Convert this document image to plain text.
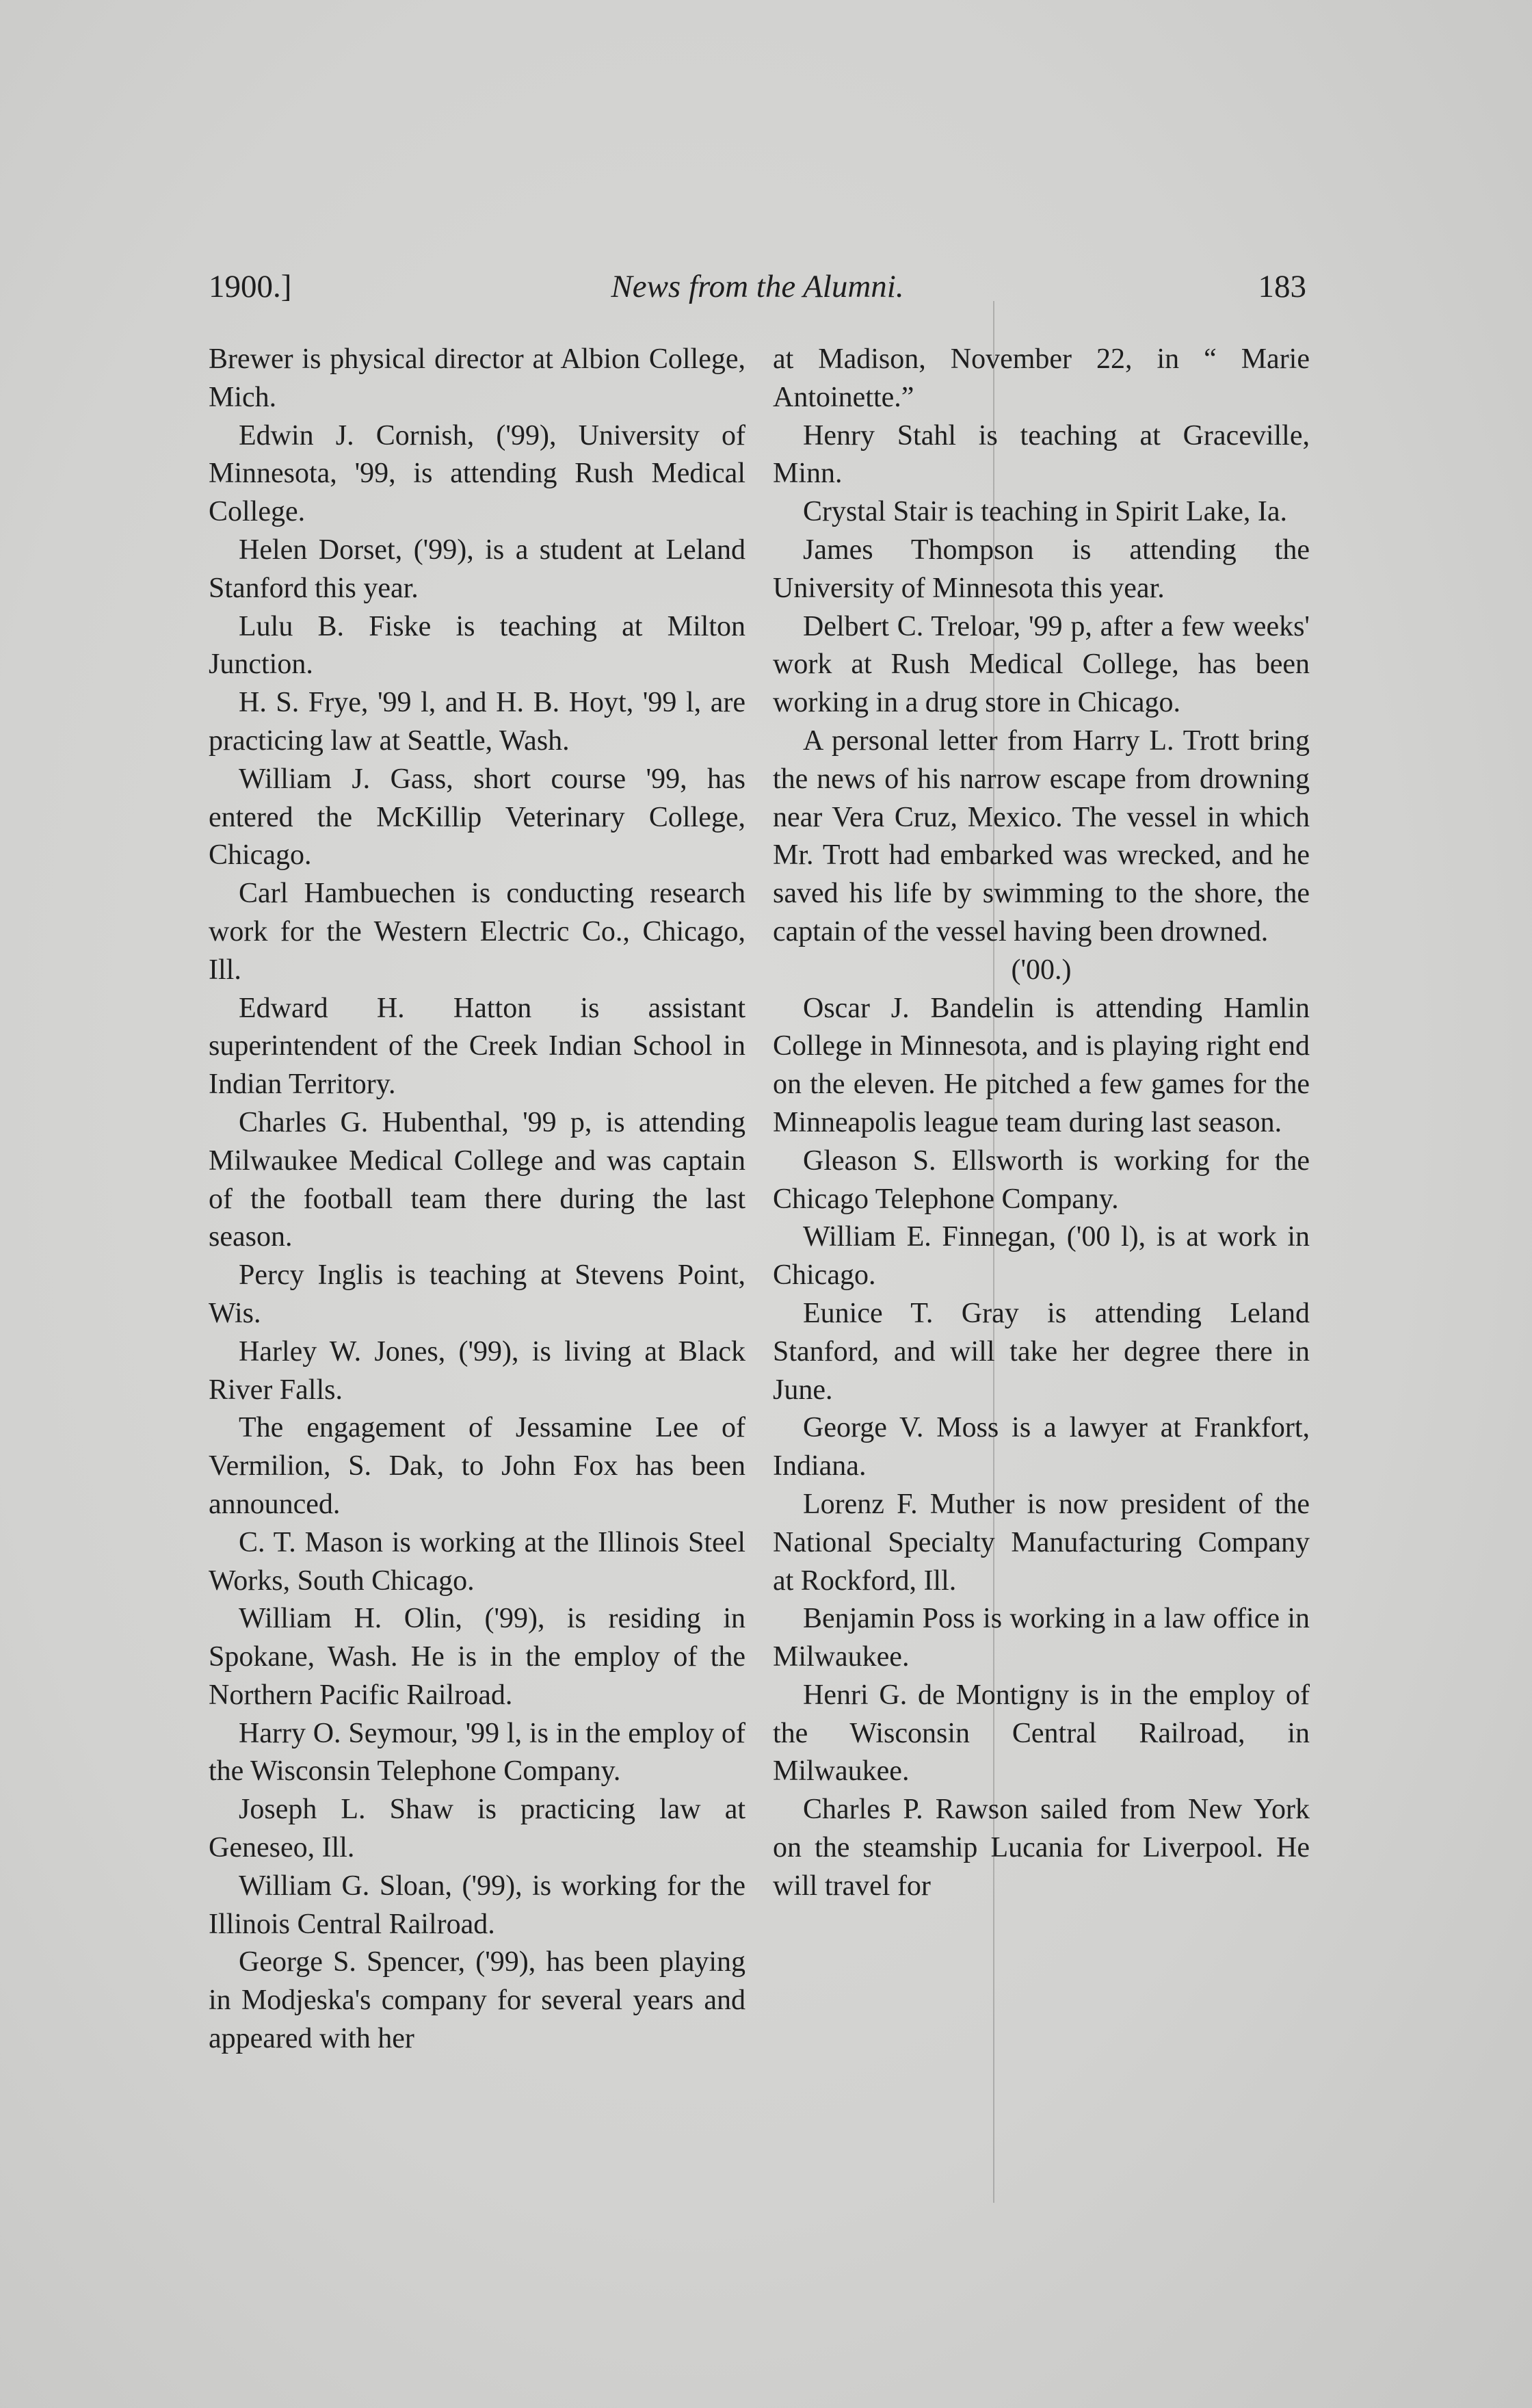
1900.]	News from the Alumni.	183

Brewer is physical director at Albion College, Mich.

Edwin J. Cornish, ('99), University of Minnesota, '99, is attending Rush Medical College.

Helen Dorset, ('99), is a student at Leland Stanford this year.

Lulu B. Fiske is teaching at Milton Junction.

H. S. Frye, '99 l, and H. B. Hoyt, '99 l, are practicing law at Seattle, Wash.

William J. Gass, short course '99, has entered the McKillip Veterinary College, Chicago.

Carl Hambuechen is conducting research work for the Western Electric Co., Chicago, Ill.

Edward H. Hatton is assistant superintendent of the Creek Indian School in Indian Territory.

Charles G. Hubenthal, '99 p, is attending Milwaukee Medical College and was captain of the football team there during the last season.

Percy Inglis is teaching at Stevens Point, Wis.

Harley W. Jones, ('99), is living at Black River Falls.

The engagement of Jessamine Lee of Vermilion, S. Dak, to John Fox has been announced.

C. T. Mason is working at the Illinois Steel Works, South Chicago.

William H. Olin, ('99), is residing in Spokane, Wash. He is in the employ of the Northern Pacific Railroad.

Harry O. Seymour, '99 l, is in the employ of the Wisconsin Telephone Company.

Joseph L. Shaw is practicing law at Geneseo, Ill.

William G. Sloan, ('99), is working for the Illinois Central Railroad.

George S. Spencer, ('99), has been playing in Modjeska's company for several years and appeared with her

at Madison, November 22, in “ Marie Antoinette.”

Henry Stahl is teaching at Graceville, Minn.

Crystal Stair is teaching in Spirit Lake, Ia.

James Thompson is attending the University of Minnesota this year.

Delbert C. Treloar, '99 p, after a few weeks' work at Rush Medical College, has been working in a drug store in Chicago.

A personal letter from Harry L. Trott bring the news of his narrow escape from drowning near Vera Cruz, Mexico. The vessel in which Mr. Trott had embarked was wrecked, and he saved his life by swimming to the shore, the captain of the vessel having been drowned.

('00.)

Oscar J. Bandelin is attending Hamlin College in Minnesota, and is playing right end on the eleven. He pitched a few games for the Minneapolis league team during last season.

Gleason S. Ellsworth is working for the Chicago Telephone Company.

William E. Finnegan, ('00 l), is at work in Chicago.

Eunice T. Gray is attending Leland Stanford, and will take her degree there in June.

George V. Moss is a lawyer at Frankfort, Indiana.

Lorenz F. Muther is now president of the National Specialty Manufacturing Company at Rockford, Ill.

Benjamin Poss is working in a law office in Milwaukee.

Henri G. de Montigny is in the employ of the Wisconsin Central Railroad, in Milwaukee.

Charles P. Rawson sailed from New York on the steamship Lucania for Liverpool. He will travel for
